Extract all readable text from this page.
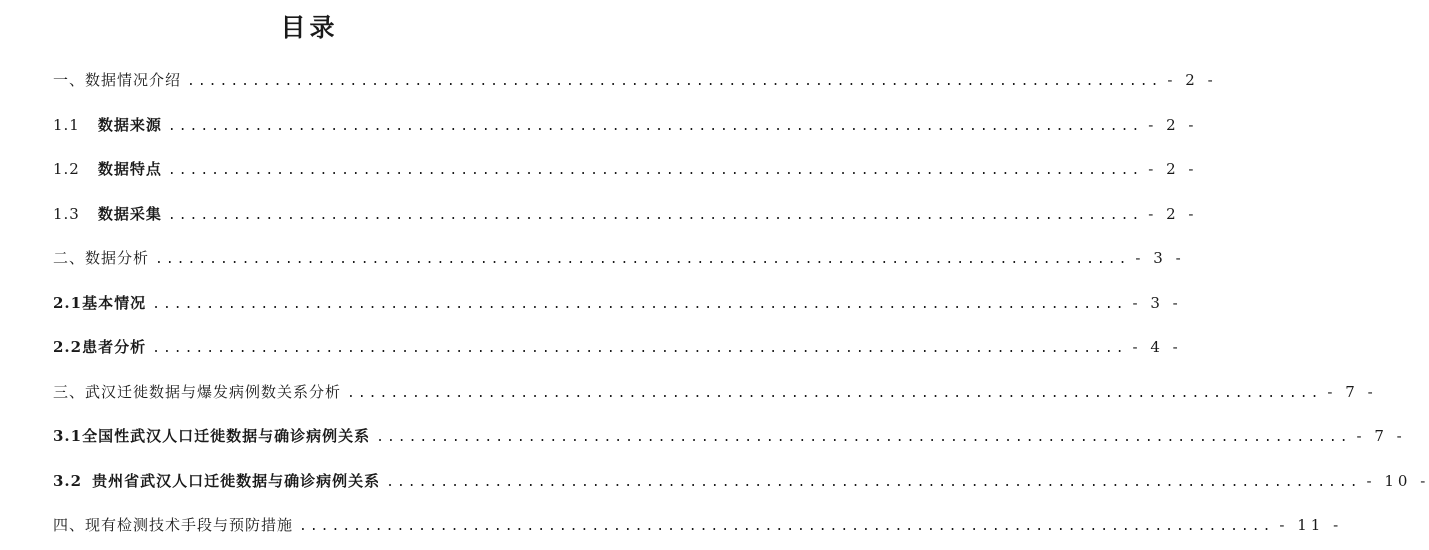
目录
一、数据情况介绍 .......................................................................................... - 2 -
1.1 数据来源 .......................................................................................... - 2 -
1.2 数据特点 .......................................................................................... - 2 -
1.3 数据采集 .......................................................................................... - 2 -
二、数据分析 .......................................................................................... - 3 -
2.1基本情况 .......................................................................................... - 3 -
2.2患者分析 .......................................................................................... - 4 -
三、武汉迁徙数据与爆发病例数关系分析 .......................................................................................... - 7 -
3.1全国性武汉人口迁徙数据与确诊病例关系 .......................................................................................... - 7 -
3.2 贵州省武汉人口迁徙数据与确诊病例关系 .......................................................................................... - 10 -
四、现有检测技术手段与预防措施 .......................................................................................... - 11 -
